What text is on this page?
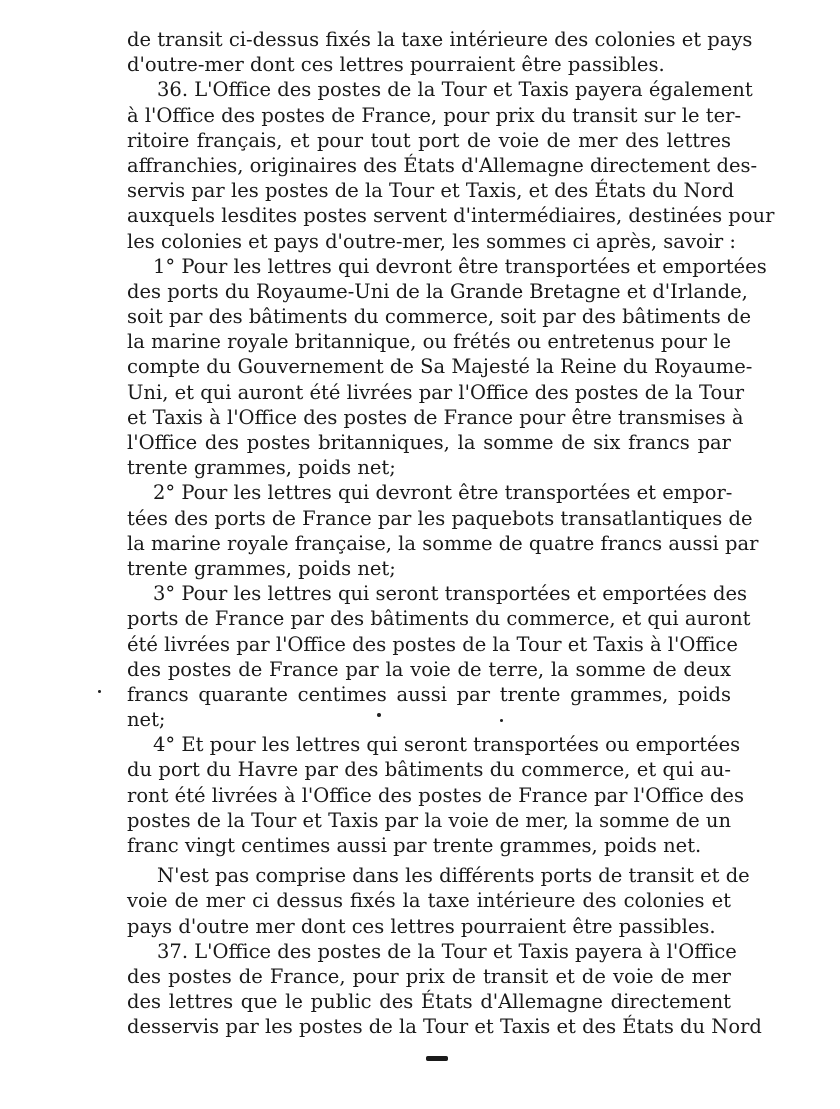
de transit ci-dessus fixés la taxe intérieure des colonies et pays
d'outre-mer dont ces lettres pourraient être passibles.
36. L'Office des postes de la Tour et Taxis payera également
à l'Office des postes de France, pour prix du transit sur le ter-
ritoire français, et pour tout port de voie de mer des lettres
affranchies, originaires des États d'Allemagne directement des-
servis par les postes de la Tour et Taxis, et des États du Nord
auxquels lesdites postes servent d'intermédiaires, destinées pour
les colonies et pays d'outre-mer, les sommes ci après, savoir :
1° Pour les lettres qui devront être transportées et emportées
des ports du Royaume-Uni de la Grande Bretagne et d'Irlande,
soit par des bâtiments du commerce, soit par des bâtiments de
la marine royale britannique, ou frétés ou entretenus pour le
compte du Gouvernement de Sa Majesté la Reine du Royaume-
Uni, et qui auront été livrées par l'Office des postes de la Tour
et Taxis à l'Office des postes de France pour être transmises à
l'Office des postes britanniques, la somme de six francs par
trente grammes, poids net;
2° Pour les lettres qui devront être transportées et empor-
tées des ports de France par les paquebots transatlantiques de
la marine royale française, la somme de quatre francs aussi par
trente grammes, poids net;
3° Pour les lettres qui seront transportées et emportées des
ports de France par des bâtiments du commerce, et qui auront
été livrées par l'Office des postes de la Tour et Taxis à l'Office
des postes de France par la voie de terre, la somme de deux
francs quarante centimes aussi par trente grammes, poids
net;
4° Et pour les lettres qui seront transportées ou emportées
du port du Havre par des bâtiments du commerce, et qui au-
ront été livrées à l'Office des postes de France par l'Office des
postes de la Tour et Taxis par la voie de mer, la somme de un
franc vingt centimes aussi par trente grammes, poids net.
N'est pas comprise dans les différents ports de transit et de
voie de mer ci dessus fixés la taxe intérieure des colonies et
pays d'outre mer dont ces lettres pourraient être passibles.
37. L'Office des postes de la Tour et Taxis payera à l'Office
des postes de France, pour prix de transit et de voie de mer
des lettres que le public des États d'Allemagne directement
desservis par les postes de la Tour et Taxis et des États du Nord
